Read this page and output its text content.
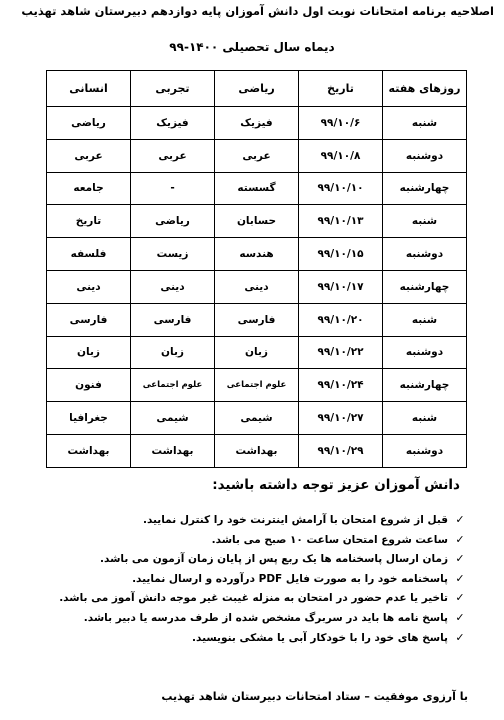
اصلاحیه برنامه امتحانات نوبت اول دانش آموزان پایه دوازدهم دبیرستان شاهد تهذیب
دیماه سال تحصیلی ۱۴۰۰-۹۹
روزهای هفته	تاریخ	ریاضی	تجربی	انسانی
شنبه	۹۹/۱۰/۶	فیزیک	فیزیک	ریاضی
دوشنبه	۹۹/۱۰/۸	عربی	عربی	عربی
چهارشنبه	۹۹/۱۰/۱۰	گسسته	-	جامعه
شنبه	۹۹/۱۰/۱۳	حسابان	ریاضی	تاریخ
دوشنبه	۹۹/۱۰/۱۵	هندسه	زیست	فلسفه
چهارشنبه	۹۹/۱۰/۱۷	دینی	دینی	دینی
شنبه	۹۹/۱۰/۲۰	فارسی	فارسی	فارسی
دوشنبه	۹۹/۱۰/۲۲	زبان	زبان	زبان
چهارشنبه	۹۹/۱۰/۲۴	علوم اجتماعی	علوم اجتماعی	فنون
شنبه	۹۹/۱۰/۲۷	شیمی	شیمی	جغرافیا
دوشنبه	۹۹/۱۰/۲۹	بهداشت	بهداشت	بهداشت
دانش آموزان عزیز توجه داشته باشید:
✓قبل از شروع امتحان با آرامش اینترنت خود را کنترل نمایید.
✓ساعت شروع امتحان ساعت ۱۰ صبح می باشد.
✓زمان ارسال پاسخنامه ها یک ربع پس از پایان زمان آزمون می باشد.
✓پاسخنامه خود را به صورت فایل PDF درآورده و ارسال نمایید.
✓تاخیر یا عدم حضور در امتحان به منزله غیبت غیر موجه دانش آموز می باشد.
✓پاسخ نامه ها باید در سربرگ مشخص شده از طرف مدرسه یا دبیر باشد.
✓پاسخ های خود را با خودکار آبی یا مشکی بنویسید.
با آرزوی موفقیت – ستاد امتحانات دبیرستان شاهد تهذیب
